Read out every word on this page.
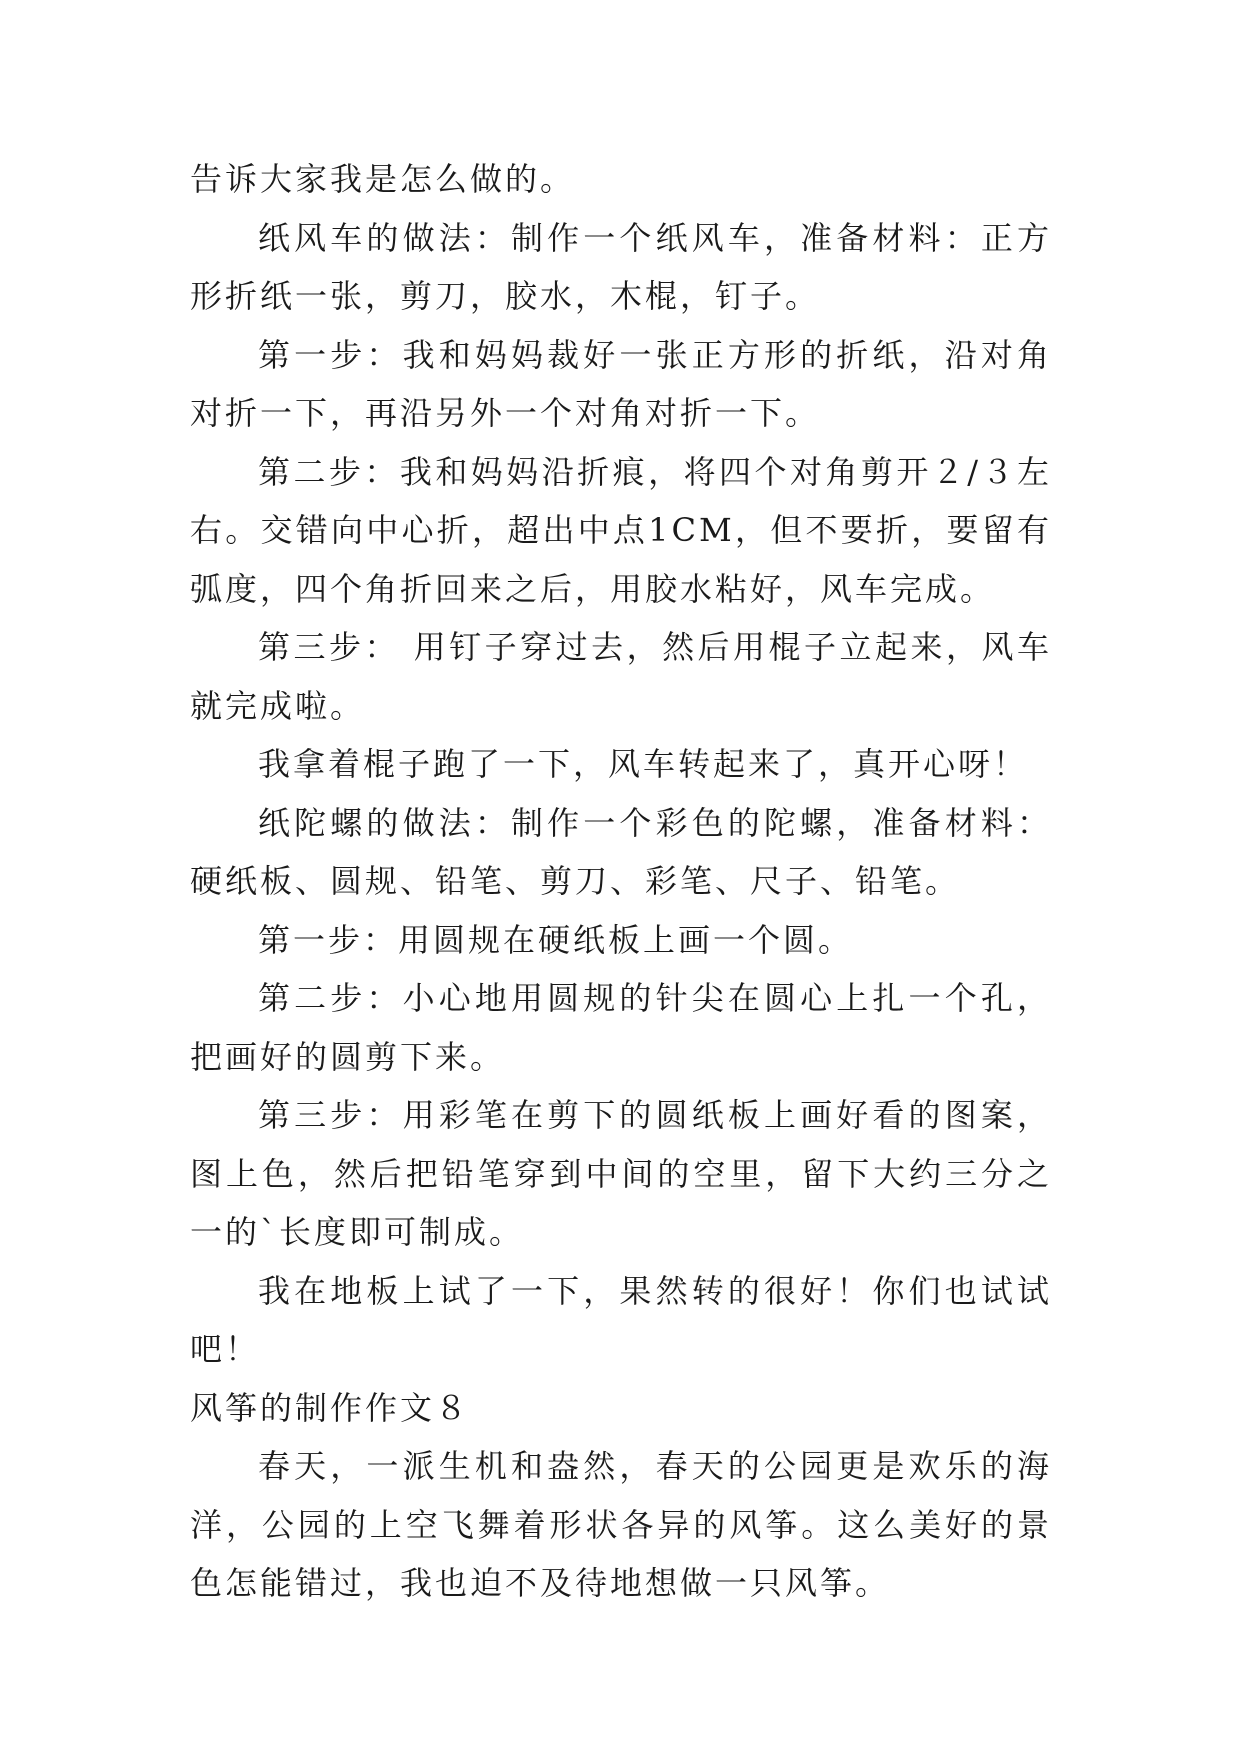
告诉大家我是怎么做的。

纸风车的做法：制作一个纸风车，准备材料：正方形折纸一张，剪刀，胶水，木棍，钉子。

第一步：我和妈妈裁好一张正方形的折纸，沿对角对折一下，再沿另外一个对角对折一下。

第二步：我和妈妈沿折痕，将四个对角剪开２/３左右。交错向中心折，超出中点1CM，但不要折，要留有弧度，四个角折回来之后，用胶水粘好，风车完成。

第三步： 用钉子穿过去，然后用棍子立起来，风车就完成啦。

我拿着棍子跑了一下，风车转起来了，真开心呀！

纸陀螺的做法：制作一个彩色的陀螺，准备材料：硬纸板、圆规、铅笔、剪刀、彩笔、尺子、铅笔。

第一步：用圆规在硬纸板上画一个圆。

第二步：小心地用圆规的针尖在圆心上扎一个孔，把画好的圆剪下来。

第三步：用彩笔在剪下的圆纸板上画好看的图案，图上色，然后把铅笔穿到中间的空里，留下大约三分之一的`长度即可制成。

我在地板上试了一下，果然转的很好！你们也试试吧！

风筝的制作作文８

春天，一派生机和盎然，春天的公园更是欢乐的海洋，公园的上空飞舞着形状各异的风筝。这么美好的景色怎能错过，我也迫不及待地想做一只风筝。
